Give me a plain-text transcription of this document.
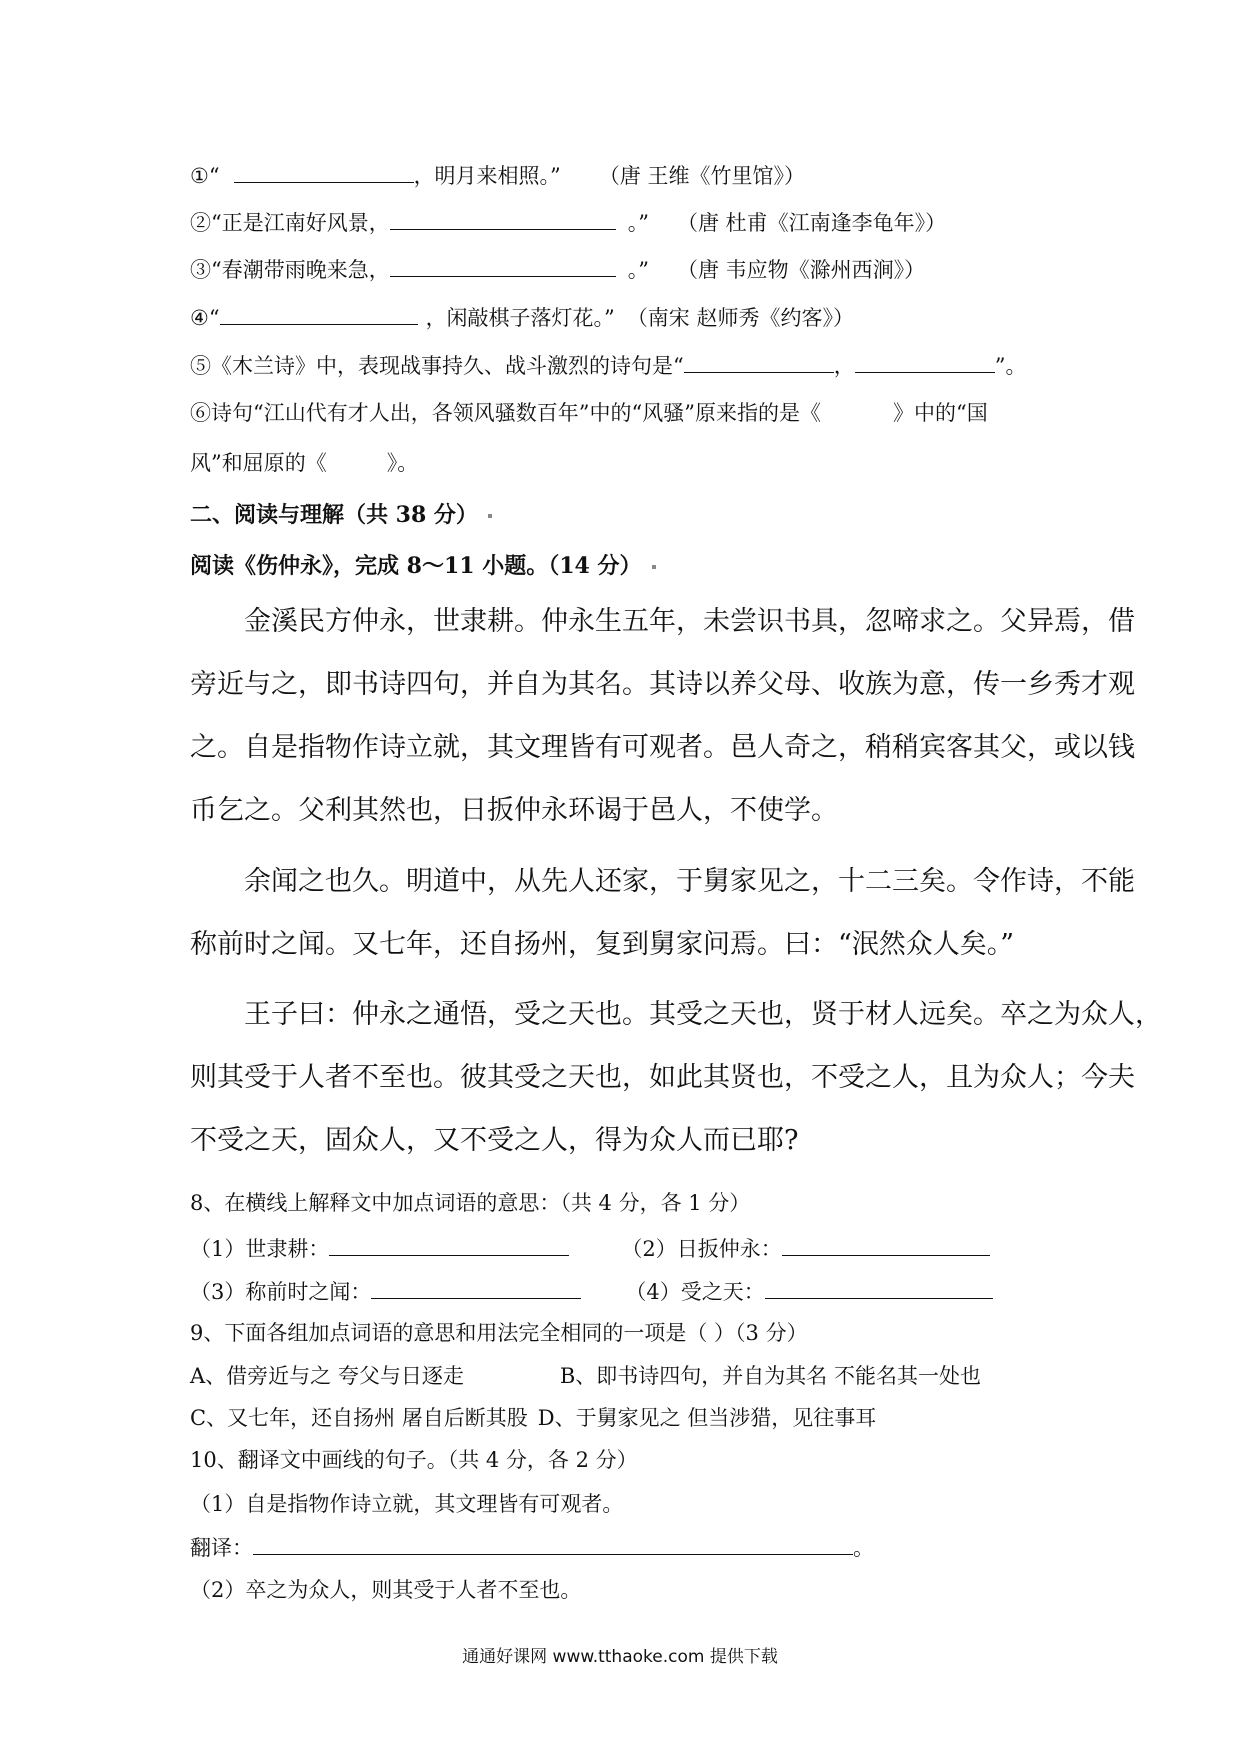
①“	，明月来相照。” （唐 王维《竹里馆》）
②“正是江南好风景，	。” （唐 杜甫《江南逢李龟年》）
③“春潮带雨晚来急，	。” （唐 韦应物《滁州西涧》）
④“	，闲敲棋子落灯花。” （南宋 赵师秀《约客》）
⑤《木兰诗》中，表现战事持久、战斗激烈的诗句是“	，	”。
⑥诗句“江山代有才人出，各领风骚数百年”中的“风骚”原来指的是《	》中的“国
风”和屈原的《	》。
二、阅读与理解（共 38 分）
阅读《伤仲永》，完成 8～11 小题。（14 分）
金溪民方仲永，世隶耕。仲永生五年，未尝识书具，忽啼求之。父异焉，借
旁近与之，即书诗四句，并自为其名。其诗以养父母、收族为意，传一乡秀才观
之。自是指物作诗立就，其文理皆有可观者。邑人奇之，稍稍宾客其父，或以钱
币乞之。父利其然也，日扳仲永环谒于邑人，不使学。
余闻之也久。明道中，从先人还家，于舅家见之，十二三矣。令作诗，不能
称前时之闻。又七年，还自扬州，复到舅家问焉。曰：“泯然众人矣。”
王子曰：仲永之通悟，受之天也。其受之天也，贤于材人远矣。卒之为众人，
则其受于人者不至也。彼其受之天也，如此其贤也，不受之人，且为众人；今夫
不受之天，固众人，又不受之人，得为众人而已耶?
8、在横线上解释文中加点词语的意思：（共 4 分，各 1 分）
（1）世隶耕：	（2）日扳仲永：
（3）称前时之闻：	（4）受之天：
9、下面各组加点词语的意思和用法完全相同的一项是（ ）（3 分）
A、借旁近与之 夸父与日逐走	B、即书诗四句，并自为其名 不能名其一处也
C、又七年，还自扬州 屠自后断其股 D、于舅家见之 但当涉猎，见往事耳
10、翻译文中画线的句子。（共 4 分，各 2 分）
（1）自是指物作诗立就，其文理皆有可观者。
翻译：	。
（2）卒之为众人，则其受于人者不至也。
通通好课网 www.tthaoke.com 提供下载
